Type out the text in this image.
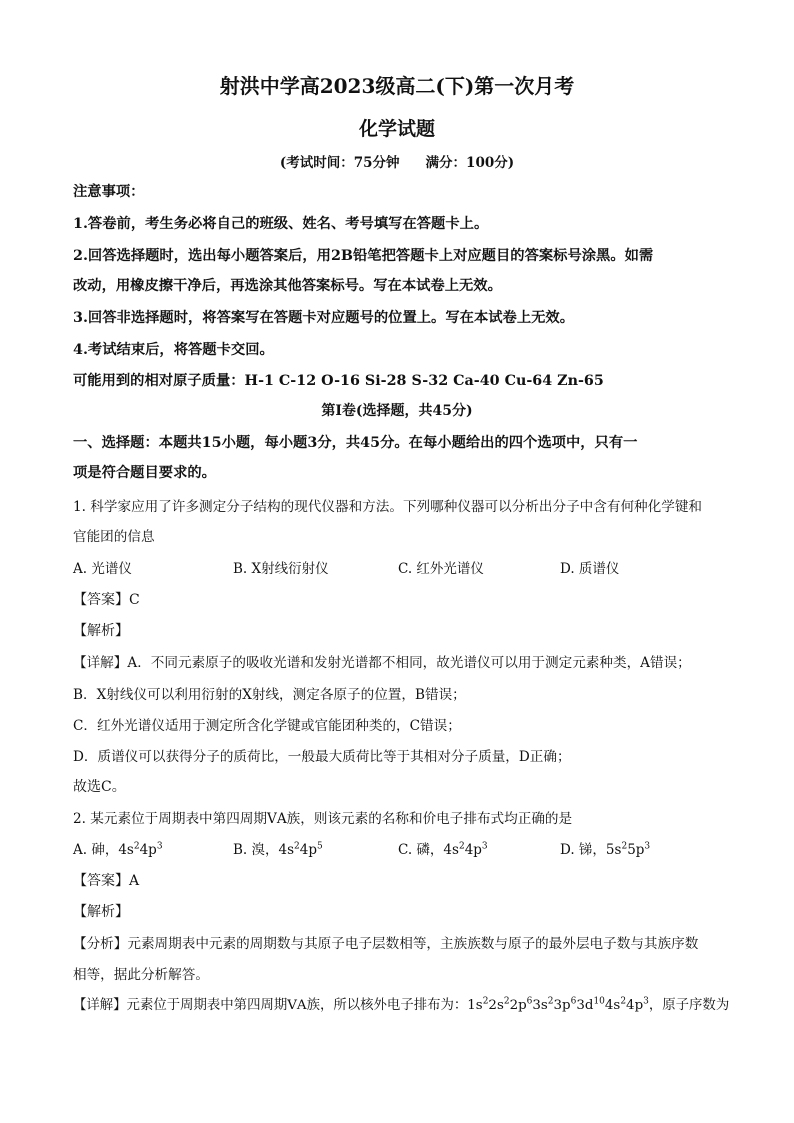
射洪中学高2023级高二(下)第一次月考
化学试题
(考试时间：75分钟 满分：100分)
注意事项：
1.答卷前，考生务必将自己的班级、姓名、考号填写在答题卡上。
2.回答选择题时，选出每小题答案后，用2B铅笔把答题卡上对应题目的答案标号涂黑。如需
改动，用橡皮擦干净后，再选涂其他答案标号。写在本试卷上无效。
3.回答非选择题时，将答案写在答题卡对应题号的位置上。写在本试卷上无效。
4.考试结束后，将答题卡交回。
可能用到的相对原子质量：H-1 C-12 O-16 Si-28 S-32 Ca-40 Cu-64 Zn-65
第Ⅰ卷(选择题，共45分)
一、选择题：本题共15小题，每小题3分，共45分。在每小题给出的四个选项中，只有一
项是符合题目要求的。
1. 科学家应用了许多测定分子结构的现代仪器和方法。下列哪种仪器可以分析出分子中含有何种化学键和
官能团的信息
A. 光谱仪	B. X射线衍射仪	C. 红外光谱仪	D. 质谱仪
【答案】C
【解析】
【详解】A．不同元素原子的吸收光谱和发射光谱都不相同，故光谱仪可以用于测定元素种类，A错误；
B．X射线仪可以利用衍射的X射线，测定各原子的位置，B错误；
C．红外光谱仪适用于测定所含化学键或官能团种类的，C错误；
D．质谱仪可以获得分子的质荷比，一般最大质荷比等于其相对分子质量，D正确；
故选C。
2. 某元素位于周期表中第四周期ⅤA族，则该元素的名称和价电子排布式均正确的是
A. 砷，$4s^24p^3$	B. 溴，$4s^24p^5$	C. 磷，$4s^24p^3$	D. 锑，$5s^25p^3$
【答案】A
【解析】
【分析】元素周期表中元素的周期数与其原子电子层数相等，主族族数与原子的最外层电子数与其族序数
相等，据此分析解答。
【详解】元素位于周期表中第四周期ⅤA族，所以核外电子排布为：$1s^22s^22p^63s^23p^63d^{10}4s^24p^3$，原子序数为
